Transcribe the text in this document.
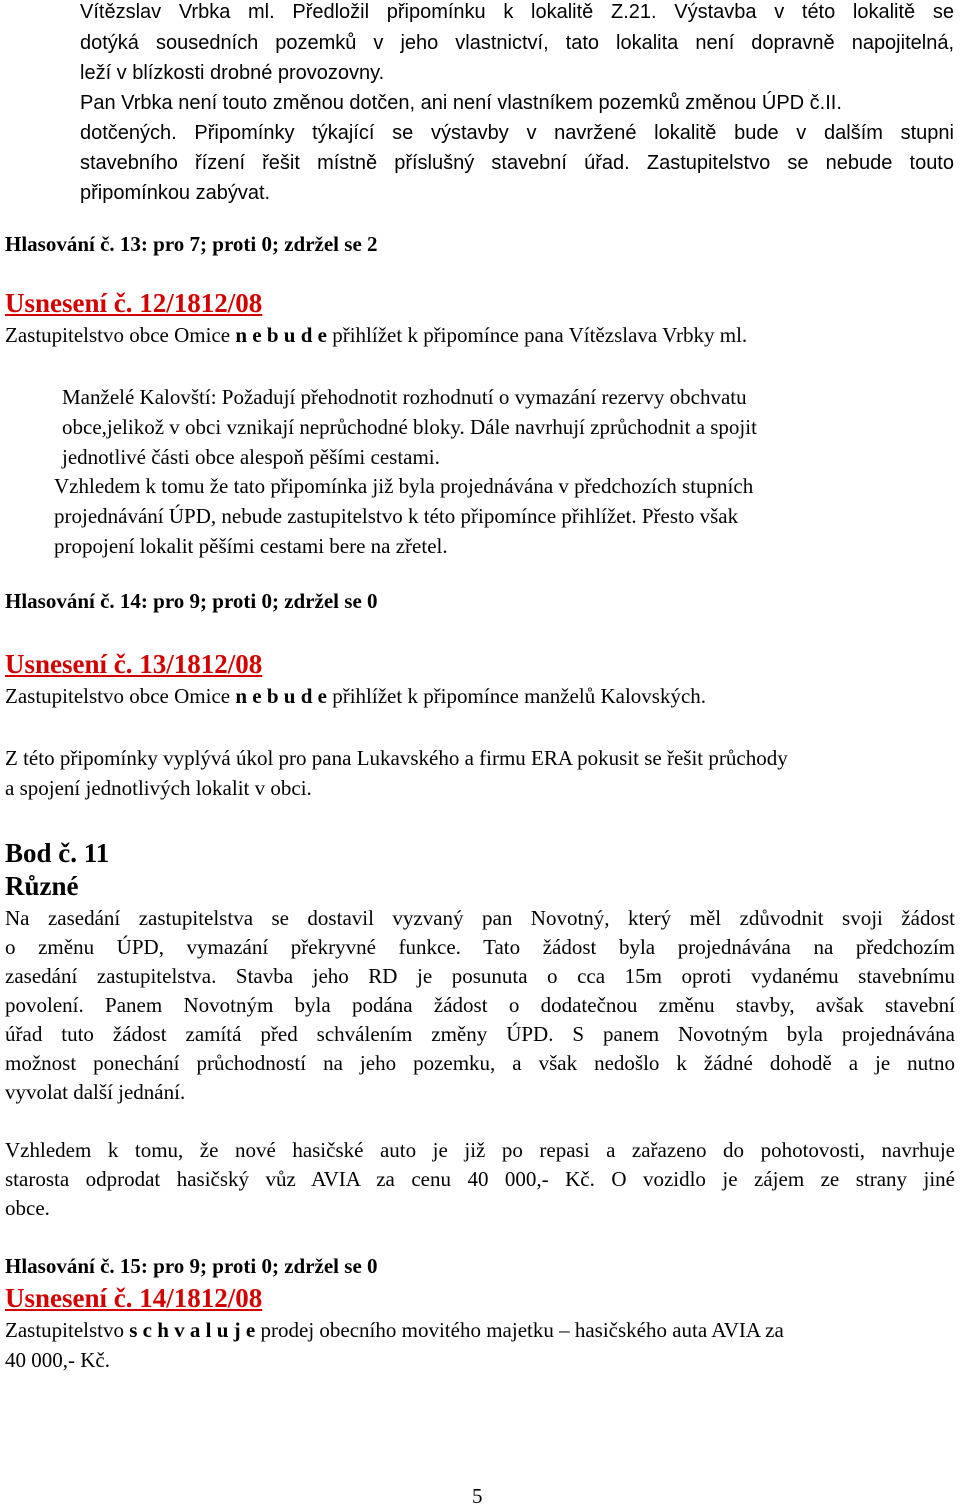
Vítězslav Vrbka ml. Předložil připomínku k lokalitě Z.21. Výstavba v této lokalitě se
dotýká sousedních pozemků v jeho vlastnictví, tato lokalita není dopravně napojitelná,
leží v blízkosti drobné provozovny.
Pan Vrbka není touto změnou dotčen, ani není vlastníkem pozemků změnou ÚPD č.II.
dotčených. Připomínky týkající se výstavby v navržené lokalitě bude v dalším stupni
stavebního řízení řešit místně příslušný stavební úřad. Zastupitelstvo se nebude touto
připomínkou zabývat.
Hlasování č. 13: pro 7; proti 0; zdržel se 2
Usnesení č. 12/1812/08
Zastupitelstvo obce Omice n e b u d e přihlížet k připomínce pana Vítězslava Vrbky ml.
Manželé Kalovští: Požadují přehodnotit rozhodnutí o vymazání rezervy obchvatu
obce,jelikož v obci vznikají neprůchodné bloky. Dále navrhují zprůchodnit a spojit
jednotlivé části obce alespoň pěšími cestami.
Vzhledem k tomu že tato připomínka již byla projednávána v předchozích stupních
projednávání ÚPD, nebude zastupitelstvo k této připomínce přihlížet. Přesto však
propojení lokalit pěšími cestami bere na zřetel.
Hlasování č. 14: pro 9; proti 0; zdržel se 0
Usnesení č. 13/1812/08
Zastupitelstvo obce Omice n e b u d e přihlížet k připomínce manželů Kalovských.
Z této připomínky vyplývá úkol pro pana Lukavského a firmu ERA pokusit se řešit průchody
a spojení jednotlivých lokalit v obci.
Bod č. 11
Různé
Na zasedání zastupitelstva se dostavil vyzvaný pan Novotný, který měl zdůvodnit svoji žádost
o změnu ÚPD, vymazání překryvné funkce. Tato žádost byla projednávána na předchozím
zasedání zastupitelstva. Stavba jeho RD je posunuta o cca 15m oproti vydanému stavebnímu
povolení. Panem Novotným byla podána žádost o dodatečnou změnu stavby, avšak stavební
úřad tuto žádost zamítá před schválením změny ÚPD. S panem Novotným byla projednávána
možnost ponechání průchodností na jeho pozemku, a však nedošlo k žádné dohodě a je nutno
vyvolat další jednání.
Vzhledem k tomu, že nové hasičské auto je již po repasi a zařazeno do pohotovosti, navrhuje
starosta odprodat hasičský vůz AVIA za cenu 40 000,- Kč. O vozidlo je zájem ze strany jiné
obce.
Hlasování č. 15: pro 9; proti 0; zdržel se 0
Usnesení č. 14/1812/08
Zastupitelstvo s c h v a l u j e prodej obecního movitého majetku – hasičského auta AVIA za
40 000,- Kč.
5
